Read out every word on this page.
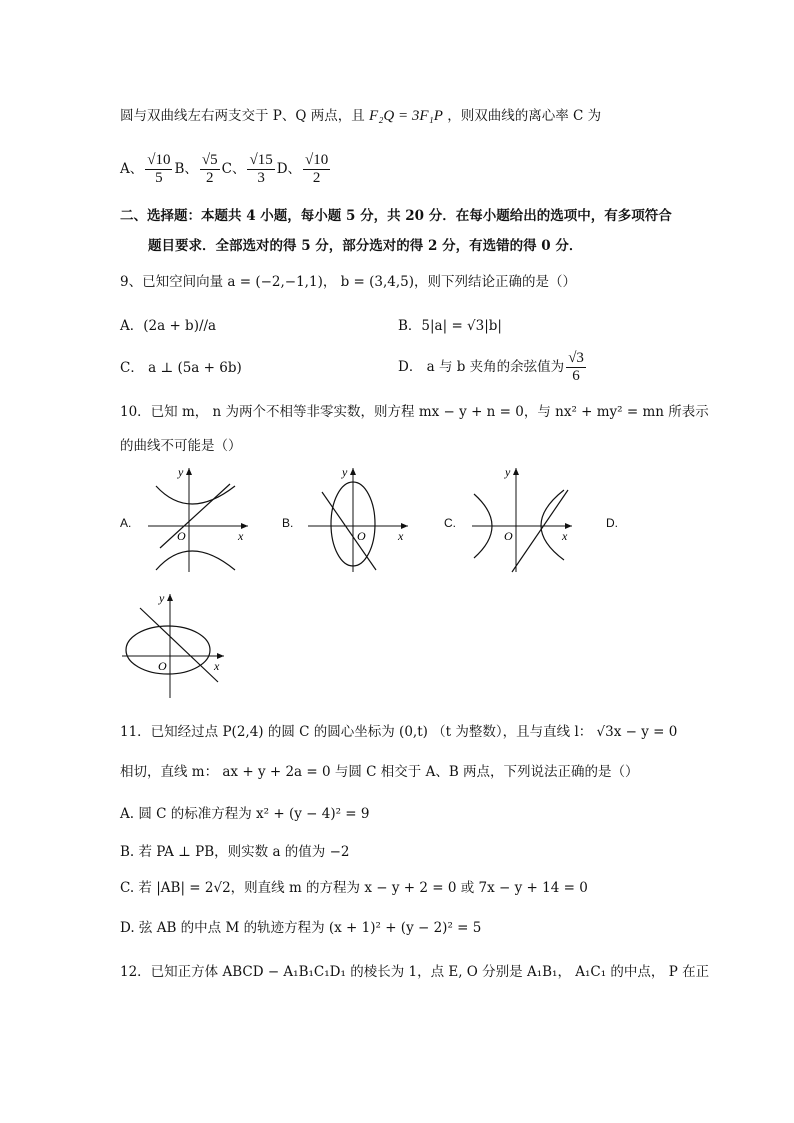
圆与双曲线左右两支交于 P、Q 两点，且 F₂Q = 3F₁P ，则双曲线的离心率 C 为
A、 $\frac{√10}{5}$ B、 $\frac{√5}{2}$ C、 $\frac{√15}{3}$ D、 $\frac{√10}{2}$
二、选择题：本题共 4 小题，每小题 5 分，共 20 分．在每小题给出的选项中，有多项符合
题目要求．全部选对的得 5 分，部分选对的得 2 分，有选错的得 0 分．
9、已知空间向量 a = (−2,−1,1)， b = (3,4,5)，则下列结论正确的是（）
A．(2a + b)//a	B．5|a| = √3|b|
C． a ⊥ (5a + 6b)	D． a 与 b 夹角的余弦值为 $\frac{√3}{6}$
10．已知 m， n 为两个不相等非零实数，则方程 mx − y + n = 0，与 nx² + my² = mn 所表示
的曲线不可能是（）
A.
x
y
O
B.
x
y
O
C.
x
y
O
D.
x
y
O
11．已知经过点 P(2,4) 的圆 C 的圆心坐标为 (0,t) （t 为整数），且与直线 l： √3x − y = 0
相切，直线 m： ax + y + 2a = 0 与圆 C 相交于 A、B 两点，下列说法正确的是（）
A. 圆 C 的标准方程为 x² + (y − 4)² = 9
B. 若 PA ⊥ PB，则实数 a 的值为 −2
C. 若 |AB| = 2√2，则直线 m 的方程为 x − y + 2 = 0 或 7x − y + 14 = 0
D. 弦 AB 的中点 M 的轨迹方程为 (x + 1)² + (y − 2)² = 5
12．已知正方体 ABCD − A₁B₁C₁D₁ 的棱长为 1，点 E, O 分别是 A₁B₁， A₁C₁ 的中点， P 在正
